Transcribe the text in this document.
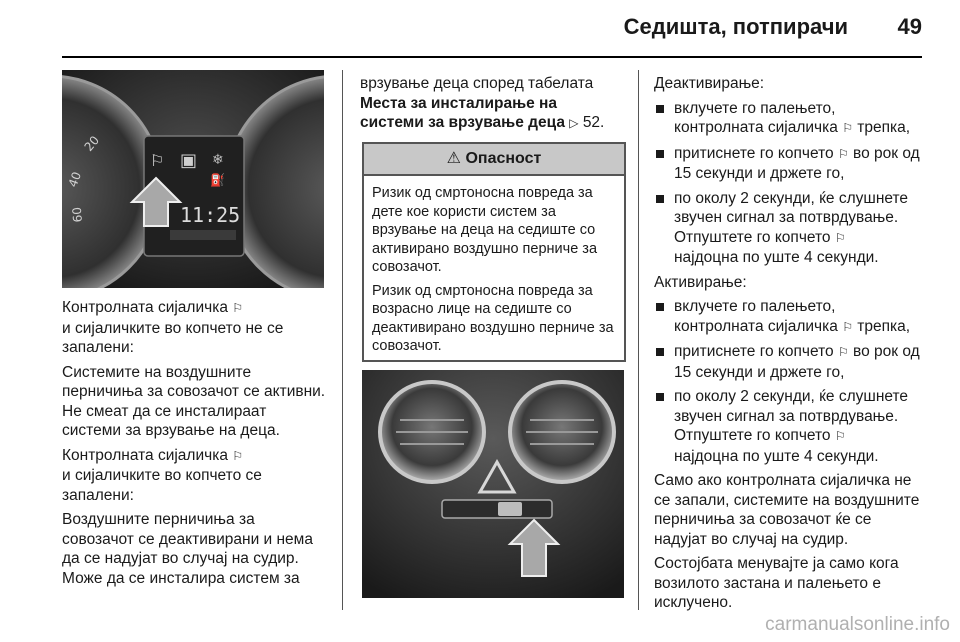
Седишта, потпирачи 49
20
40
60
⚐ ▣ ❄
⛽
11:25

Контролната сијаличка ⚐
и сијаличките во копчето не се запалени:

Системите на воздушните перничиња за совозачот се активни. Не смеат да се инсталираат системи за врзување на деца.

Контролната сијаличка ⚐
и сијаличките во копчето се запалени:

Воздушните перничиња за совозачот се деактивирани и нема да се надујат во случај на судир. Може да се инсталира систем за

врзување деца според табелата Места за инсталирање на системи за врзување деца ▷ 52.

⚠ Опасност

Ризик од смртоносна повреда за дете кое користи систем за врзување на деца на седиште со активирано воздушно перниче за совозачот.

Ризик од смртоносна повреда за возрасно лице на седиште со деактивирано воздушно перниче за совозачот.

Деактивирање:

вклучете го палењето, контролната сијаличка ⚐ трепка,
притиснете го копчето ⚐ во рок од 15 секунди и држете го,
по околу 2 секунди, ќе слушнете звучен сигнал за потврдување. Отпуштете го копчето ⚐
најдоцна по уште 4 секунди.

Активирање:

вклучете го палењето, контролната сијаличка ⚐ трепка,
притиснете го копчето ⚐ во рок од 15 секунди и држете го,
по околу 2 секунди, ќе слушнете звучен сигнал за потврдување. Отпуштете го копчето ⚐
најдоцна по уште 4 секунди.

Само ако контролната сијаличка не се запали, системите на воздушните перничиња за совозачот ќе се надујат во случај на судир.

Состојбата менувајте ја само кога возилото застана и палењето е исклучено.

carmanualsonline.info
